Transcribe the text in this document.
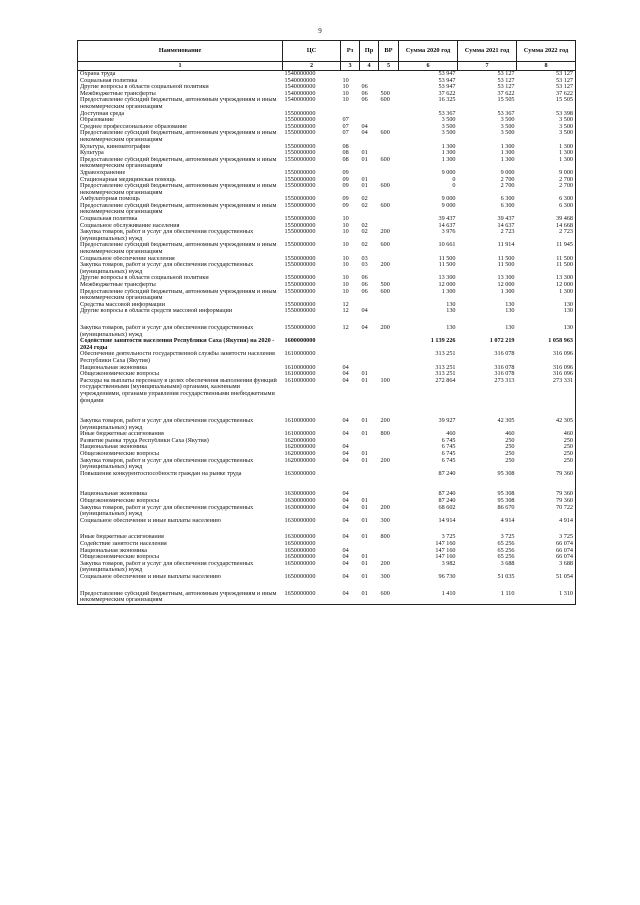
9
Наименование	ЦС	Рз	Пр	ВР	Сумма 2020 год	Сумма 2021 год	Сумма 2022 год
1	2	3	4	5	6	7	8
Охрана труда	1540000000				53 947	53 127	53 127
Социальная политика	1540000000	10			53 947	53 127	53 127
Другие вопросы в области социальной политики	1540000000	10	06		53 947	53 127	53 127
Межбюджетные трансферты	1540000000	10	06	500	37 622	37 622	37 622
Предоставление субсидий бюджетным, автономным учреждениям и иным некоммерческим организациям	1540000000	10	06	600	16 325	15 505	15 505
Доступная среда	1550000000				53 367	53 367	53 398
Образование	1550000000	07			3 500	3 500	3 500
Среднее профессиональное образование	1550000000	07	04		3 500	3 500	3 500
Предоставление субсидий бюджетным, автономным учреждениям и иным некоммерческим организациям	1550000000	07	04	600	3 500	3 500	3 500
Культура, кинематография	1550000000	08			1 300	1 300	1 300
Культура	1550000000	08	01		1 300	1 300	1 300
Предоставление субсидий бюджетным, автономным учреждениям и иным некоммерческим организациям	1550000000	08	01	600	1 300	1 300	1 300
Здравоохранение	1550000000	09			9 000	9 000	9 000
Стационарная медицинская помощь	1550000000	09	01		0	2 700	2 700
Предоставление субсидий бюджетным, автономным учреждениям и иным некоммерческим организациям	1550000000	09	01	600	0	2 700	2 700
Амбулаторная помощь	1550000000	09	02		9 000	6 300	6 300
Предоставление субсидий бюджетным, автономным учреждениям и иным некоммерческим организациям	1550000000	09	02	600	9 000	6 300	6 300
Социальная политика	1550000000	10			39 437	39 437	39 468
Социальное обслуживание населения	1550000000	10	02		14 637	14 637	14 668
Закупка товаров, работ и услуг для обеспечения государственных (муниципальных) нужд	1550000000	10	02	200	3 976	2 723	2 723
Предоставление субсидий бюджетным, автономным учреждениям и иным некоммерческим организациям	1550000000	10	02	600	10 661	11 914	11 945
Социальное обеспечение населения	1550000000	10	03		11 500	11 500	11 500
Закупка товаров, работ и услуг для обеспечения государственных (муниципальных) нужд	1550000000	10	03	200	11 500	11 500	11 500
Другие вопросы в области социальной политики	1550000000	10	06		13 300	13 300	13 300
Межбюджетные трансферты	1550000000	10	06	500	12 000	12 000	12 000
Предоставление субсидий бюджетным, автономным учреждениям и иным некоммерческим организациям	1550000000	10	06	600	1 300	1 300	1 300
Средства массовой информации	1550000000	12			130	130	130
Другие вопросы в области средств массовой информации	1550000000	12	04		130	130	130

Закупка товаров, работ и услуг для обеспечения государственных (муниципальных) нужд	1550000000	12	04	200	130	130	130
Содействие занятости населения Республики Саха (Якутия) на 2020 - 2024 годы	1600000000				1 139 226	1 072 219	1 058 963
Обеспечение деятельности государственной службы занятости населения Республики Саха (Якутия)	1610000000				313 251	316 078	316 096
Национальная экономика	1610000000	04			313 251	316 078	316 096
Общеэкономические вопросы	1610000000	04	01		313 251	316 078	316 096
Расходы на выплаты персоналу в целях обеспечения выполнения функций государственными (муниципальными) органами, казенными учреждениями, органами управления государственными внебюджетными фондами	1610000000	04	01	100	272 864	273 313	273 331

Закупка товаров, работ и услуг для обеспечения государственных (муниципальных) нужд	1610000000	04	01	200	39 927	42 305	42 305
Иные бюджетные ассигнования	1610000000	04	01	800	460	460	460
Развитие рынка труда Республики Саха (Якутия)	1620000000				6 745	250	250
Национальная экономика	1620000000	04			6 745	250	250
Общеэкономические вопросы	1620000000	04	01		6 745	250	250
Закупка товаров, работ и услуг для обеспечения государственных (муниципальных) нужд	1620000000	04	01	200	6 745	250	250
Повышение конкурентоспособности граждан на рынке труда	1630000000				87 240	95 308	79 360

Национальная экономика	1630000000	04			87 240	95 308	79 360
Общеэкономические вопросы	1630000000	04	01		87 240	95 308	79 360
Закупка товаров, работ и услуг для обеспечения государственных (муниципальных) нужд	1630000000	04	01	200	68 602	86 670	70 722
Социальное обеспечение и иные выплаты населению	1630000000	04	01	300	14 914	4 914	4 914

Иные бюджетные ассигнования	1630000000	04	01	800	3 725	3 725	3 725
Содействие занятости населения	1650000000				147 160	65 256	66 074
Национальная экономика	1650000000	04			147 160	65 256	66 074
Общеэкономические вопросы	1650000000	04	01		147 160	65 256	66 074
Закупка товаров, работ и услуг для обеспечения государственных (муниципальных) нужд	1650000000	04	01	200	3 982	3 688	3 688
Социальное обеспечение и иные выплаты населению	1650000000	04	01	300	96 730	51 035	51 054

Предоставление субсидий бюджетным, автономным учреждениям и иным некоммерческим организациям	1650000000	04	01	600	1 410	1 110	1 310
